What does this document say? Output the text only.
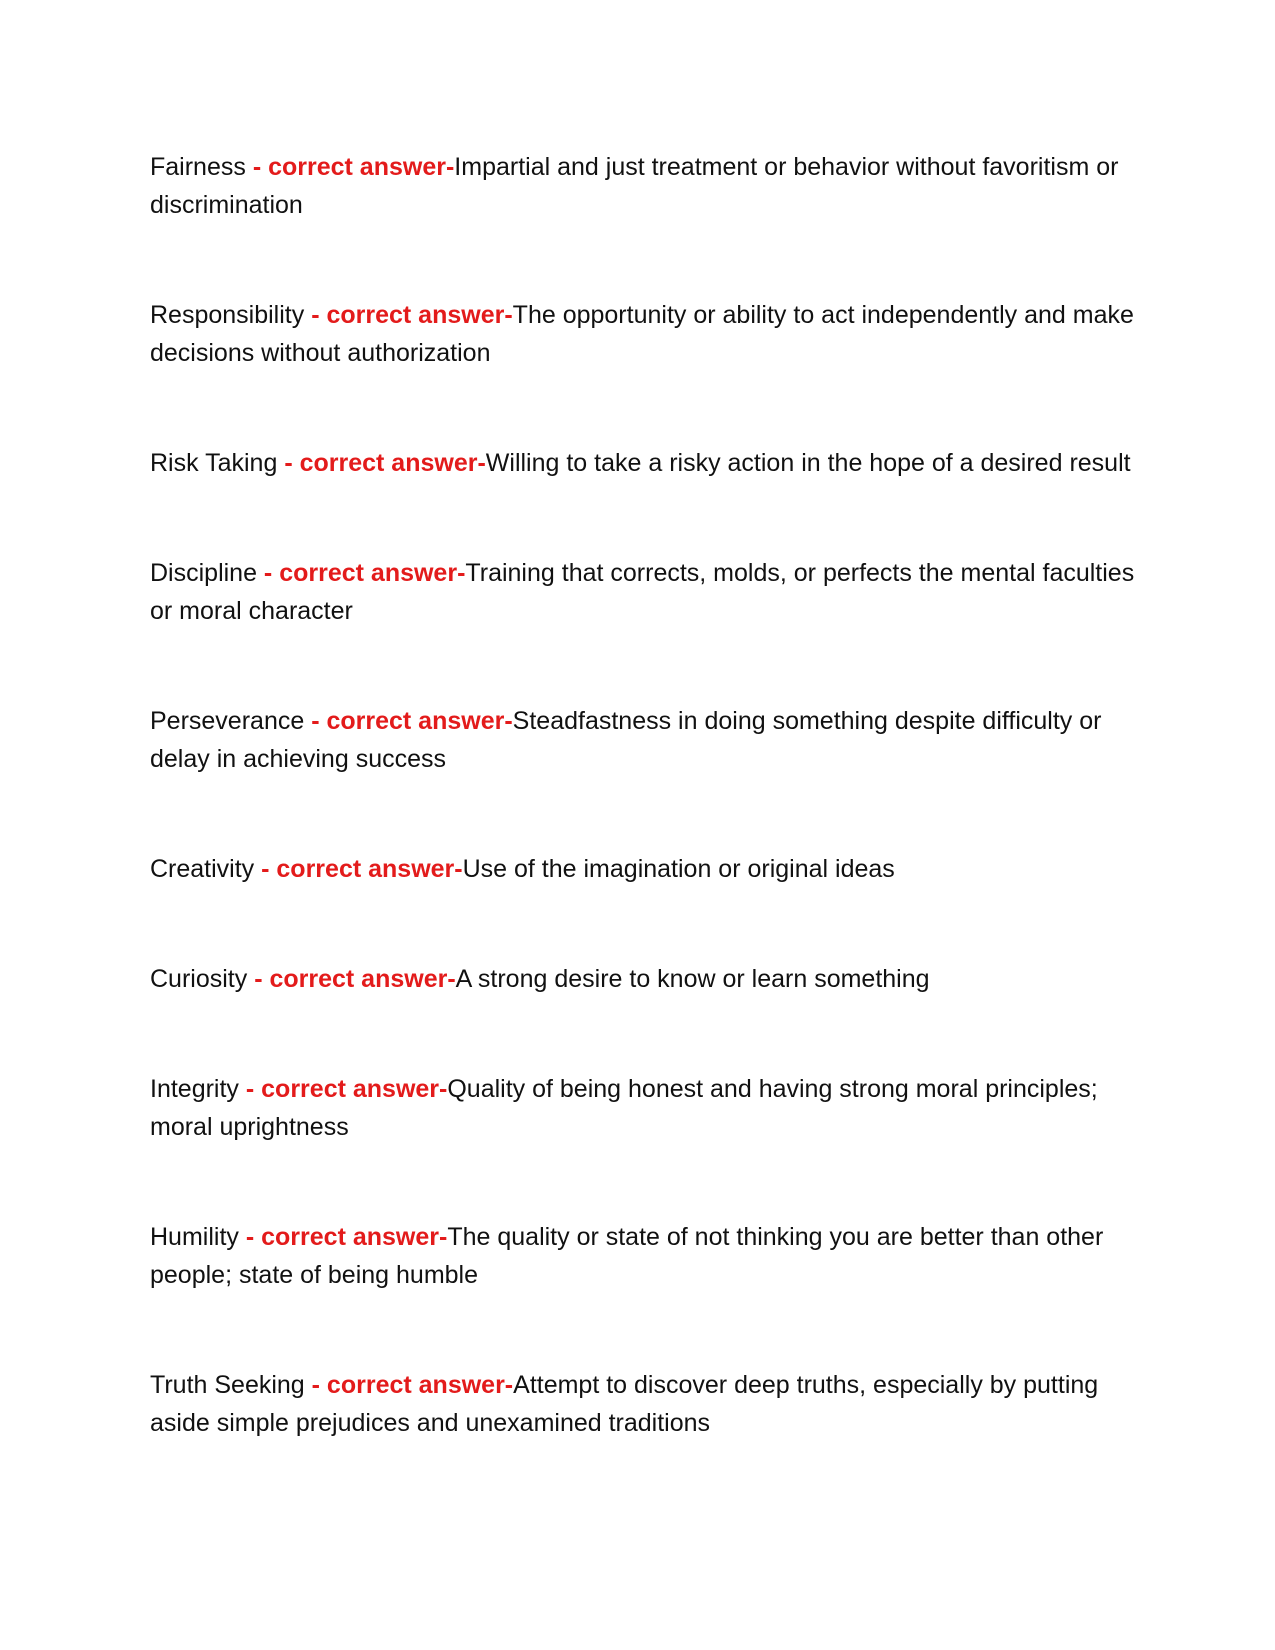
Fairness - correct answer-Impartial and just treatment or behavior without favoritism or discrimination

Responsibility - correct answer-The opportunity or ability to act independently and make decisions without authorization

Risk Taking - correct answer-Willing to take a risky action in the hope of a desired result

Discipline - correct answer-Training that corrects, molds, or perfects the mental faculties or moral character

Perseverance - correct answer-Steadfastness in doing something despite difficulty or delay in achieving success

Creativity - correct answer-Use of the imagination or original ideas

Curiosity - correct answer-A strong desire to know or learn something

Integrity - correct answer-Quality of being honest and having strong moral principles; moral uprightness

Humility - correct answer-The quality or state of not thinking you are better than other people; state of being humble

Truth Seeking - correct answer-Attempt to discover deep truths, especially by putting aside simple prejudices and unexamined traditions
